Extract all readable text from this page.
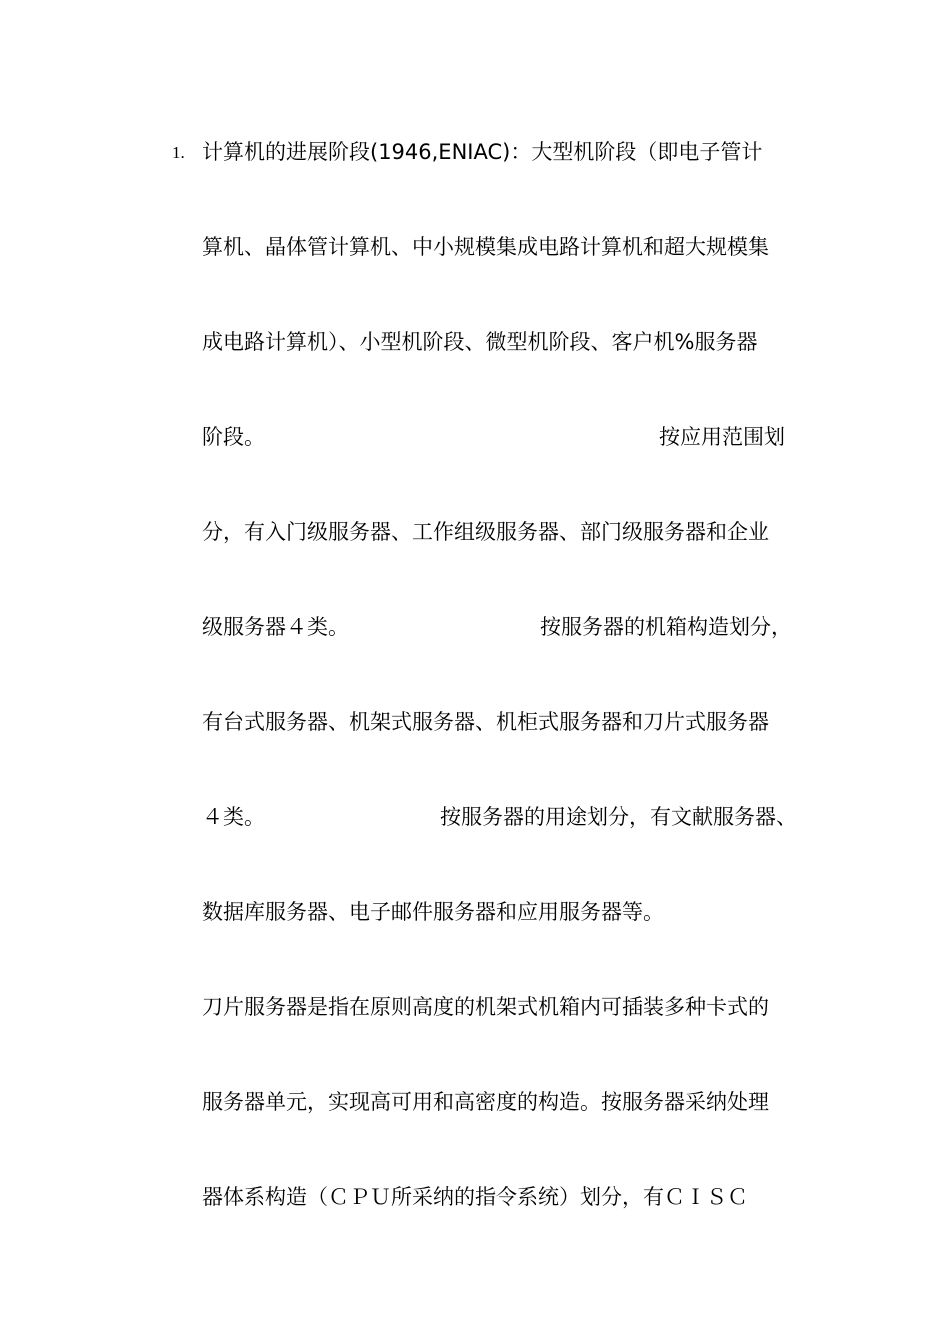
1.

计算机的进展阶段(1946,ENIAC)：大型机阶段（即电子管计

算机、晶体管计算机、中小规模集成电路计算机和超大规模集

成电路计算机）、小型机阶段、微型机阶段、客户机%服务器

阶段。

	按应用范围划

分，有入门级服务器、工作组级服务器、部门级服务器和企业

级服务器４类。

	按服务器的机箱构造划分，

有台式服务器、机架式服务器、机柜式服务器和刀片式服务器

４类。

	按服务器的用途划分，有文献服务器、

数据库服务器、电子邮件服务器和应用服务器等。

刀片服务器是指在原则高度的机架式机箱内可插装多种卡式的

服务器单元，实现高可用和高密度的构造。按服务器采纳处理

器体系构造（ＣＰＵ所采纳的指令系统）划分，有ＣＩＳＣ
